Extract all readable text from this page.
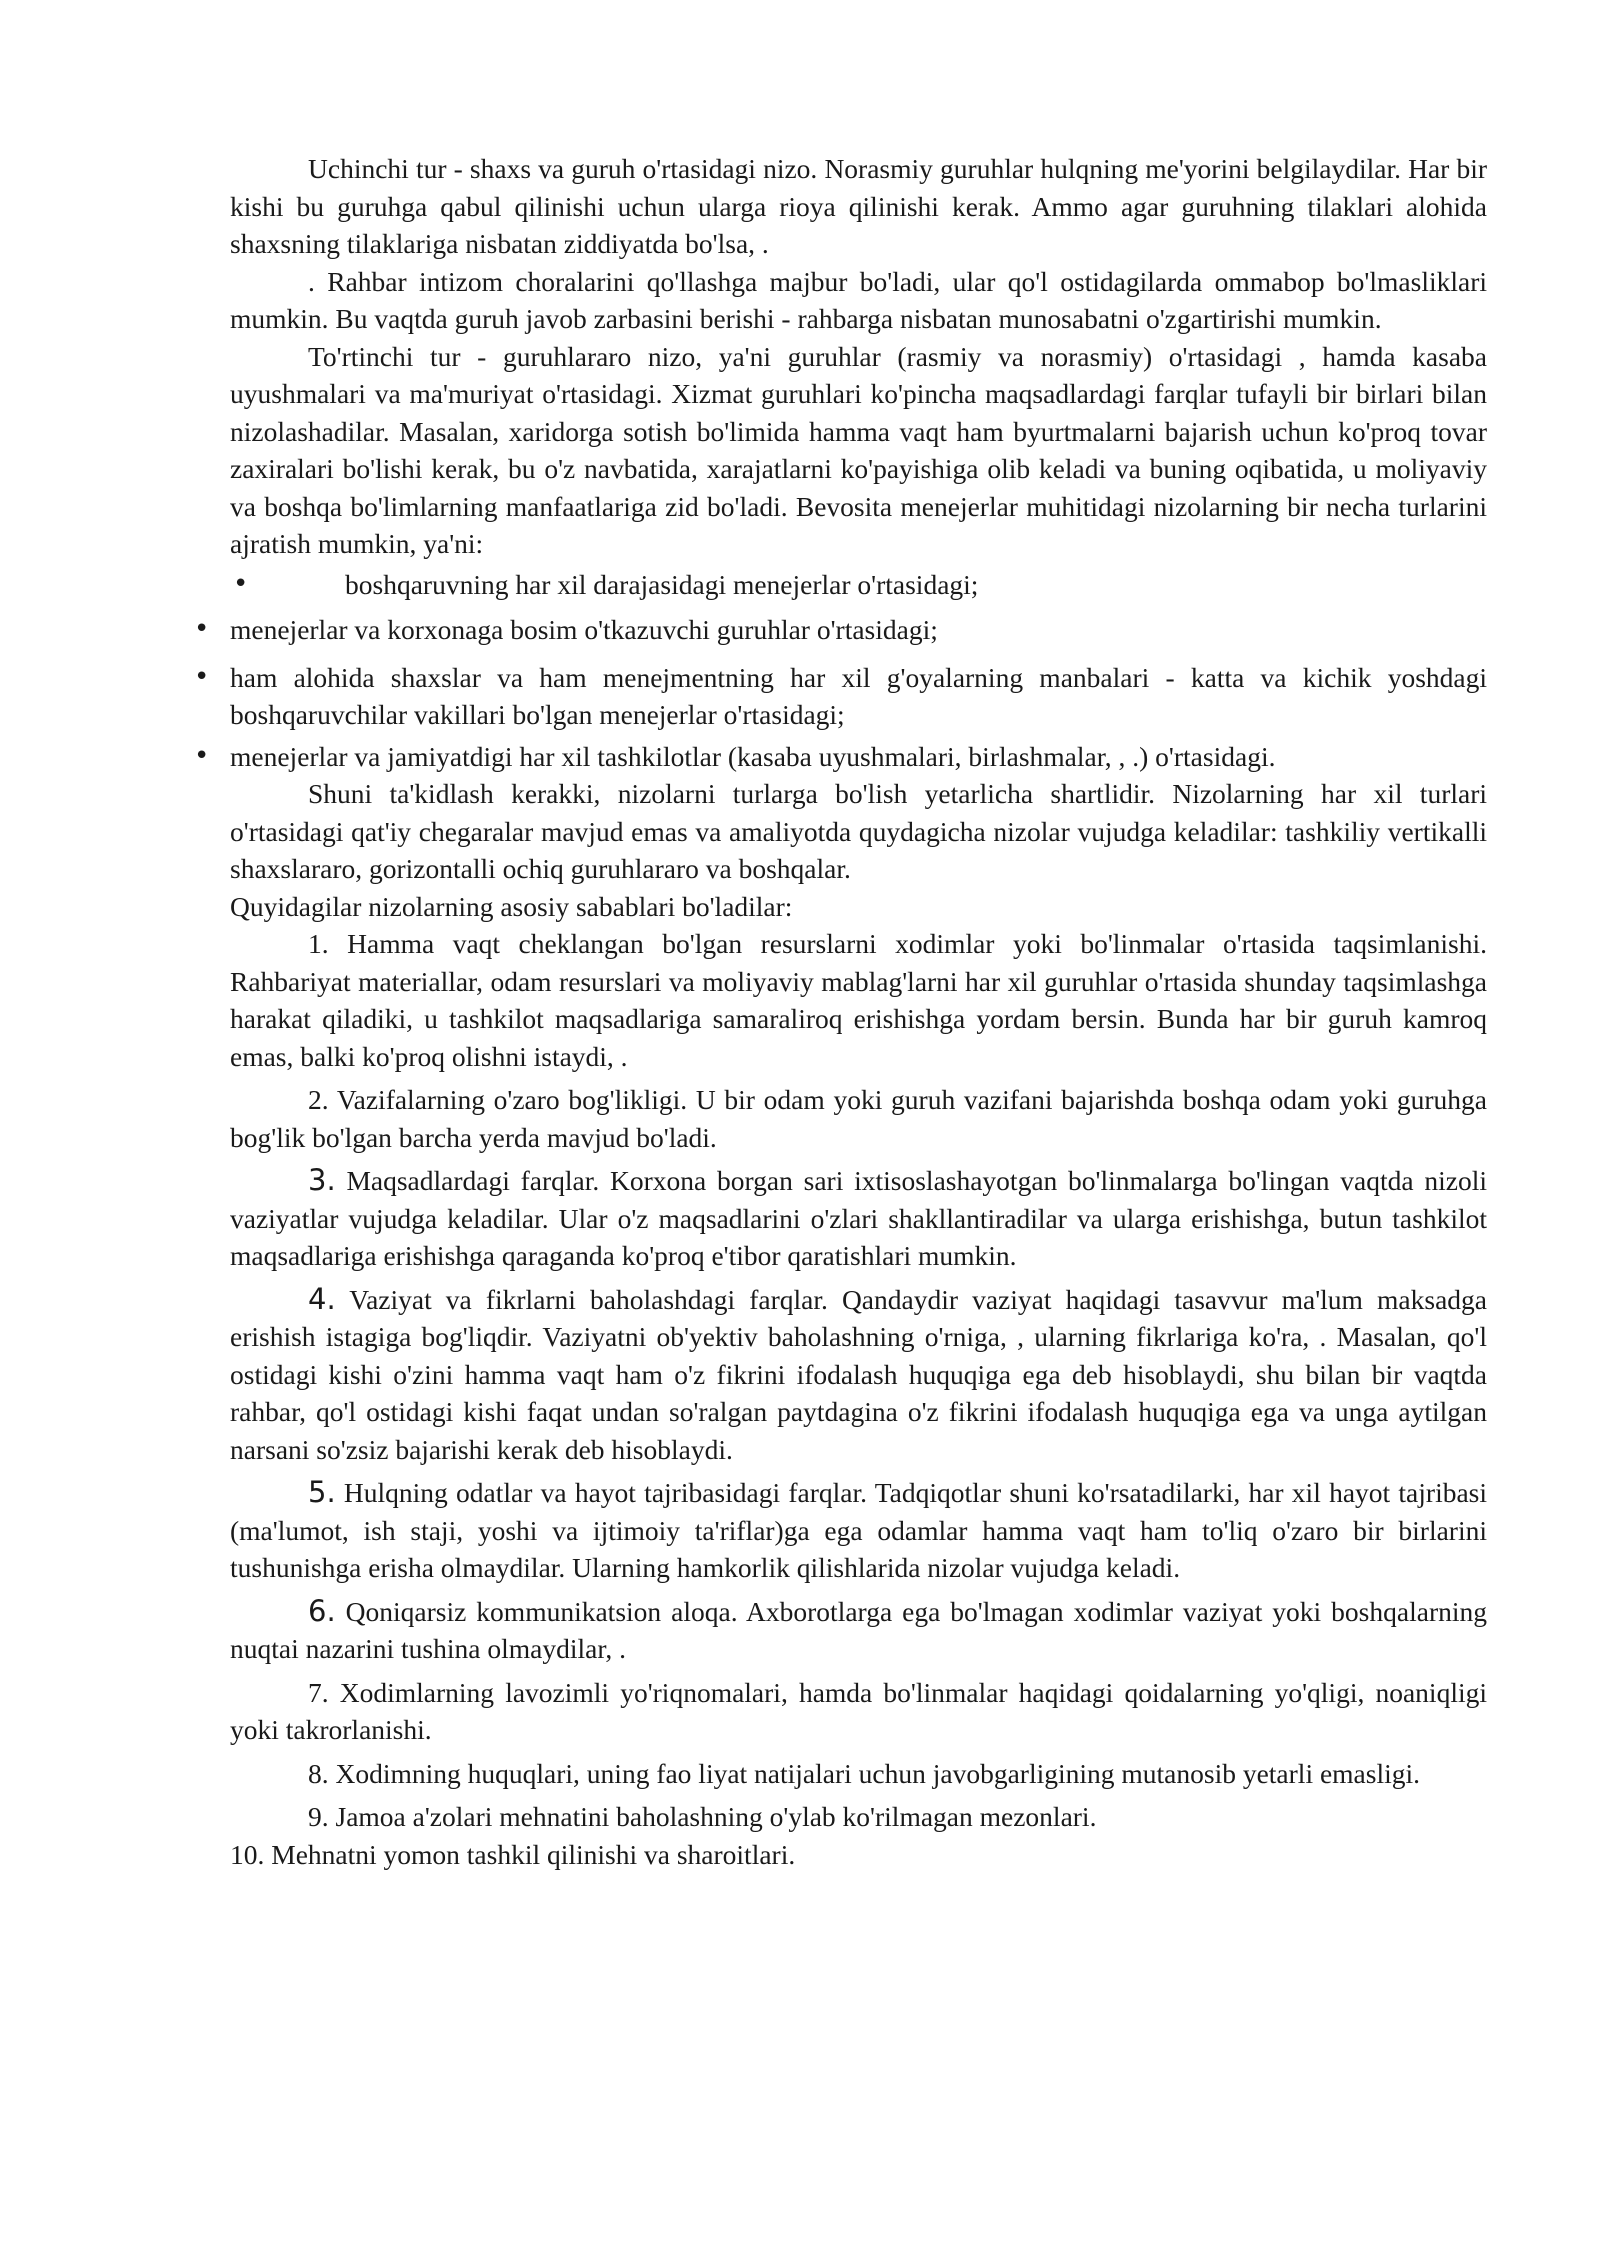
Uchinchi tur - shaxs va guruh o'rtasidagi nizo. Norasmiy guruhlar hulqning me'yorini belgilaydilar. Har bir kishi bu guruhga qabul qilinishi uchun ularga rioya qilinishi kerak. Ammo agar guruhning tilaklari alohida shaxsning tilaklariga nisbatan ziddiyatda bo'lsa, .

. Rahbar intizom choralarini qo'llashga majbur bo'ladi, ular qo'l ostidagilarda ommabop bo'lmasliklari mumkin. Bu vaqtda guruh javob zarbasini berishi - rahbarga nisbatan munosabatni o'zgartirishi mumkin.

To'rtinchi tur - guruhlararo nizo, ya'ni guruhlar (rasmiy va norasmiy) o'rtasidagi , hamda kasaba uyushmalari va ma'muriyat o'rtasidagi. Xizmat guruhlari ko'pincha maqsadlardagi farqlar tufayli bir birlari bilan nizolashadilar. Masalan, xaridorga sotish bo'limida hamma vaqt ham byurtmalarni bajarish uchun ko'proq tovar zaxiralari bo'lishi kerak, bu o'z navbatida, xarajatlarni ko'payishiga olib keladi va buning oqibatida, u moliyaviy va boshqa bo'limlarning manfaatlariga zid bo'ladi. Bevosita menejerlar muhitidagi nizolarning bir necha turlarini ajratish mumkin, ya'ni:

•	boshqaruvning har xil darajasidagi menejerlar o'rtasidagi;
• menejerlar va korxonaga bosim o'tkazuvchi guruhlar o'rtasidagi;
• ham alohida shaxslar va ham menejmentning har xil g'oyalarning manbalari - katta va kichik yoshdagi boshqaruvchilar vakillari bo'lgan menejerlar o'rtasidagi;
• menejerlar va jamiyatdigi har xil tashkilotlar (kasaba uyushmalari, birlashmalar, , .) o'rtasidagi.

Shuni ta'kidlash kerakki, nizolarni turlarga bo'lish yetarlicha shartlidir. Nizolarning har xil turlari o'rtasidagi qat'iy chegaralar mavjud emas va amaliyotda quydagicha nizolar vujudga keladilar: tashkiliy vertikalli shaxslararo, gorizontalli ochiq guruhlararo va boshqalar.

Quyidagilar nizolarning asosiy sabablari bo'ladilar:

1. Hamma vaqt cheklangan bo'lgan resurslarni xodimlar yoki bo'linmalar o'rtasida taqsimlanishi. Rahbariyat materiallar, odam resurslari va moliyaviy mablag'larni har xil guruhlar o'rtasida shunday taqsimlashga harakat qiladiki, u tashkilot maqsadlariga samaraliroq erishishga yordam bersin. Bunda har bir guruh kamroq emas, balki ko'proq olishni istaydi, .

2. Vazifalarning o'zaro bog'likligi. U bir odam yoki guruh vazifani bajarishda boshqa odam yoki guruhga bog'lik bo'lgan barcha yerda mavjud bo'ladi.

3. Maqsadlardagi farqlar. Korxona borgan sari ixtisoslashayotgan bo'linmalarga bo'lingan vaqtda nizoli vaziyatlar vujudga keladilar. Ular o'z maqsadlarini o'zlari shakllantiradilar va ularga erishishga, butun tashkilot maqsadlariga erishishga qaraganda ko'proq e'tibor qaratishlari mumkin.

4. Vaziyat va fikrlarni baholashdagi farqlar. Qandaydir vaziyat haqidagi tasavvur ma'lum maksadga erishish istagiga bog'liqdir. Vaziyatni ob'yektiv baholashning o'rniga, , ularning fikrlariga ko'ra, . Masalan, qo'l ostidagi kishi o'zini hamma vaqt ham o'z fikrini ifodalash huquqiga ega deb hisoblaydi, shu bilan bir vaqtda rahbar, qo'l ostidagi kishi faqat undan so'ralgan paytdagina o'z fikrini ifodalash huquqiga ega va unga aytilgan narsani so'zsiz bajarishi kerak deb hisoblaydi.

5. Hulqning odatlar va hayot tajribasidagi farqlar. Tadqiqotlar shuni ko'rsatadilarki, har xil hayot tajribasi (ma'lumot, ish staji, yoshi va ijtimoiy ta'riflar)ga ega odamlar hamma vaqt ham to'liq o'zaro bir birlarini tushunishga erisha olmaydilar. Ularning hamkorlik qilishlarida nizolar vujudga keladi.

6. Qoniqarsiz kommunikatsion aloqa. Axborotlarga ega bo'lmagan xodimlar vaziyat yoki boshqalarning nuqtai nazarini tushina olmaydilar, .

7. Xodimlarning lavozimli yo'riqnomalari, hamda bo'linmalar haqidagi qoidalarning yo'qligi, noaniqligi yoki takrorlanishi.

8. Xodimning huquqlari, uning fao liyat natijalari uchun javobgarligining mutanosib yetarli emasligi.

9. Jamoa a'zolari mehnatini baholashning o'ylab ko'rilmagan mezonlari.

10. Mehnatni yomon tashkil qilinishi va sharoitlari.
